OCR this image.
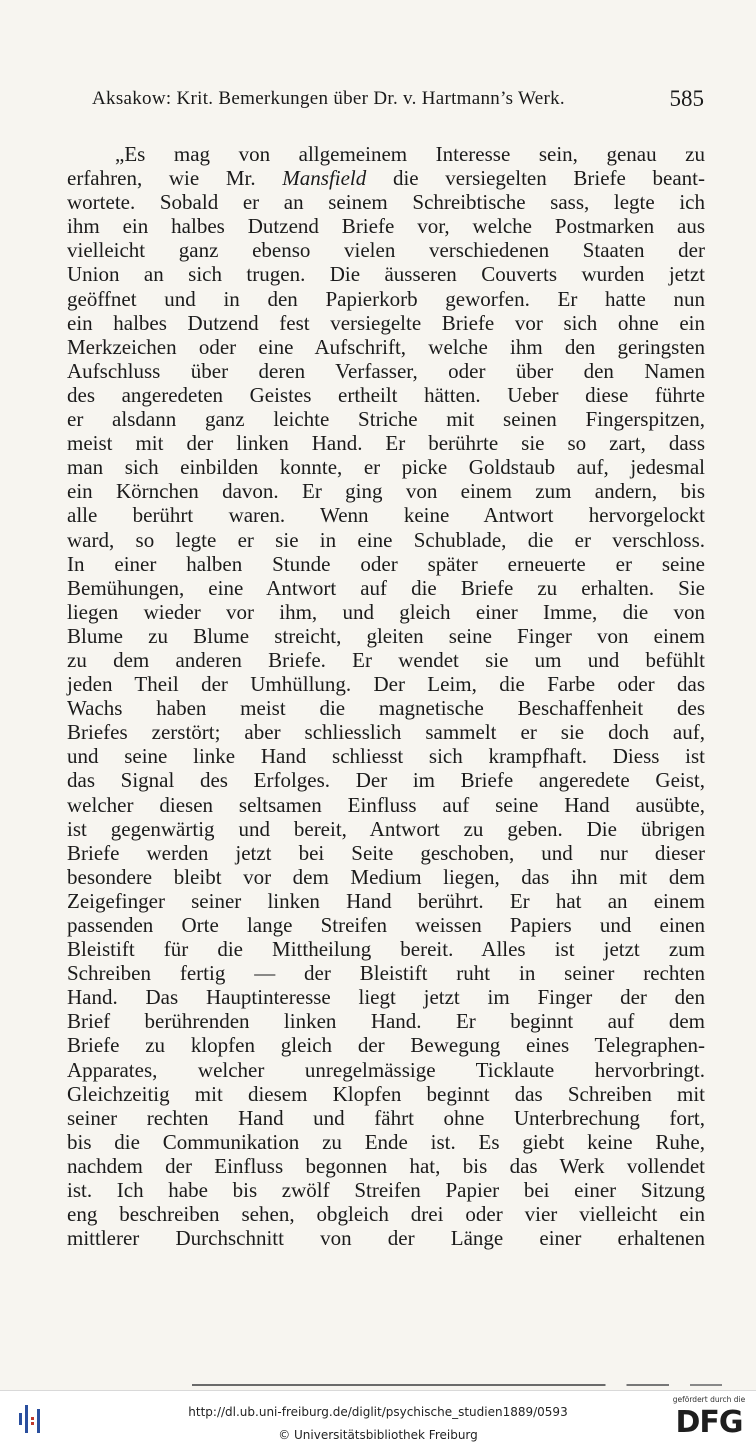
Aksakow: Krit. Bemerkungen über Dr. v. Hartmann’s Werk.	585
„Es mag von allgemeinem Interesse sein, genau zu
erfahren, wie Mr. Mansfield die versiegelten Briefe beant-
wortete. Sobald er an seinem Schreibtische sass, legte ich
ihm ein halbes Dutzend Briefe vor, welche Postmarken aus
vielleicht ganz ebenso vielen verschiedenen Staaten der
Union an sich trugen. Die äusseren Couverts wurden jetzt
geöffnet und in den Papierkorb geworfen. Er hatte nun
ein halbes Dutzend fest versiegelte Briefe vor sich ohne ein
Merkzeichen oder eine Aufschrift, welche ihm den geringsten
Aufschluss über deren Verfasser, oder über den Namen
des angeredeten Geistes ertheilt hätten. Ueber diese führte
er alsdann ganz leichte Striche mit seinen Fingerspitzen,
meist mit der linken Hand. Er berührte sie so zart, dass
man sich einbilden konnte, er picke Goldstaub auf, jedesmal
ein Körnchen davon. Er ging von einem zum andern, bis
alle berührt waren. Wenn keine Antwort hervorgelockt
ward, so legte er sie in eine Schublade, die er verschloss.
In einer halben Stunde oder später erneuerte er seine
Bemühungen, eine Antwort auf die Briefe zu erhalten. Sie
liegen wieder vor ihm, und gleich einer Imme, die von
Blume zu Blume streicht, gleiten seine Finger von einem
zu dem anderen Briefe. Er wendet sie um und befühlt
jeden Theil der Umhüllung. Der Leim, die Farbe oder das
Wachs haben meist die magnetische Beschaffenheit des
Briefes zerstört; aber schliesslich sammelt er sie doch auf,
und seine linke Hand schliesst sich krampfhaft. Diess ist
das Signal des Erfolges. Der im Briefe angeredete Geist,
welcher diesen seltsamen Einfluss auf seine Hand ausübte,
ist gegenwärtig und bereit, Antwort zu geben. Die übrigen
Briefe werden jetzt bei Seite geschoben, und nur dieser
besondere bleibt vor dem Medium liegen, das ihn mit dem
Zeigefinger seiner linken Hand berührt. Er hat an einem
passenden Orte lange Streifen weissen Papiers und einen
Bleistift für die Mittheilung bereit. Alles ist jetzt zum
Schreiben fertig — der Bleistift ruht in seiner rechten
Hand. Das Hauptinteresse liegt jetzt im Finger der den
Brief berührenden linken Hand. Er beginnt auf dem
Briefe zu klopfen gleich der Bewegung eines Telegraphen-
Apparates, welcher unregelmässige Ticklaute hervorbringt.
Gleichzeitig mit diesem Klopfen beginnt das Schreiben mit
seiner rechten Hand und fährt ohne Unterbrechung fort,
bis die Communikation zu Ende ist. Es giebt keine Ruhe,
nachdem der Einfluss begonnen hat, bis das Werk vollendet
ist. Ich habe bis zwölf Streifen Papier bei einer Sitzung
eng beschreiben sehen, obgleich drei oder vier vielleicht ein
mittlerer Durchschnitt von der Länge einer erhaltenen
http://dl.ub.uni-freiburg.de/diglit/psychische_studien1889/0593
© Universitätsbibliothek Freiburg
gefördert durch die
DFG
